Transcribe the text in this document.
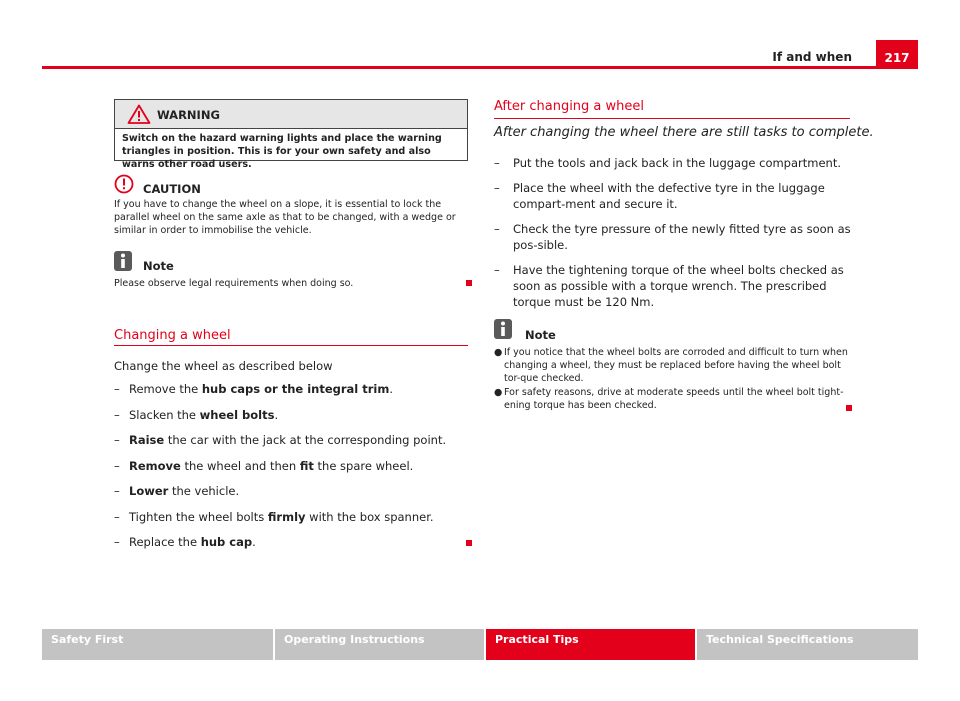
If and when	217
WARNING
Switch on the hazard warning lights and place the warning triangles in position. This is for your own safety and also warns other road users.
CAUTION
If you have to change the wheel on a slope, it is essential to lock the parallel wheel on the same axle as that to be changed, with a wedge or similar in order to immobilise the vehicle.
Note
Please observe legal requirements when doing so.
Changing a wheel
Change the wheel as described below
– Remove the hub caps or the integral trim.
– Slacken the wheel bolts.
– Raise the car with the jack at the corresponding point.
– Remove the wheel and then fit the spare wheel.
– Lower the vehicle.
– Tighten the wheel bolts firmly with the box spanner.
– Replace the hub cap.
After changing a wheel
After changing the wheel there are still tasks to complete.
– Put the tools and jack back in the luggage compartment.
– Place the wheel with the defective tyre in the luggage compart-ment and secure it.
– Check the tyre pressure of the newly fitted tyre as soon as pos-sible.
– Have the tightening torque of the wheel bolts checked as soon as possible with a torque wrench. The prescribed torque must be 120 Nm.
Note
● If you notice that the wheel bolts are corroded and difficult to turn when changing a wheel, they must be replaced before having the wheel bolt tor-que checked.
● For safety reasons, drive at moderate speeds until the wheel bolt tight-ening torque has been checked.
Safety First	Operating Instructions	Practical Tips	Technical Specifications
